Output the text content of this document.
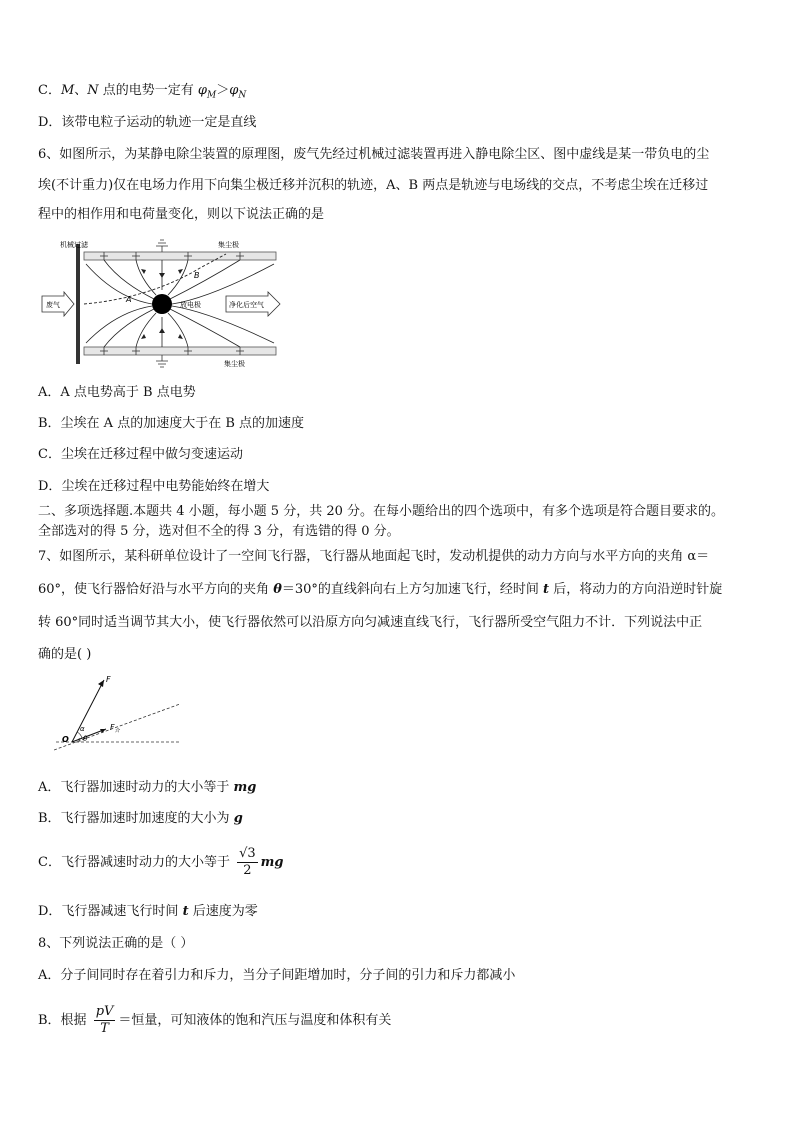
C．M、N 点的电势一定有 $\varphi_M>\varphi_N$
D．该带电粒子运动的轨迹一定是直线
6、如图所示，为某静电除尘装置的原理图，废气先经过机械过滤装置再进入静电除尘区、图中虚线是某一带负电的尘
埃(不计重力)仅在电场力作用下向集尘极迁移并沉积的轨迹，A、B 两点是轨迹与电场线的交点，不考虑尘埃在迁移过
程中的相作用和电荷量变化，则以下说法正确的是
机械过滤	集尘极
集尘极
放电极
A
B
废气	净化后空气
A．A 点电势高于 B 点电势
B．尘埃在 A 点的加速度大于在 B 点的加速度
C．尘埃在迁移过程中做匀变速运动
D．尘埃在迁移过程中电势能始终在增大
二、多项选择题.本题共 4 小题，每小题 5 分，共 20 分。在每小题给出的四个选项中，有多个选项是符合题目要求的。
全部选对的得 5 分，选对但不全的得 3 分，有选错的得 0 分。
7、如图所示，某科研单位设计了一空间飞行器，飞行器从地面起飞时，发动机提供的动力方向与水平方向的夹角 α＝
60°，使飞行器恰好沿与水平方向的夹角 θ＝30°的直线斜向右上方匀加速飞行，经时间 t 后，将动力的方向沿逆时针旋
转 60°同时适当调节其大小，使飞行器依然可以沿原方向匀减速直线飞行，飞行器所受空气阻力不计．下列说法中正
确的是( )
F
$F_合$
O
α
θ
A．飞行器加速时动力的大小等于 mg
B．飞行器加速时加速度的大小为 g
C．飞行器减速时动力的大小等于 $\frac{√3}{2}$ mg
D．飞行器减速飞行时间 t 后速度为零
8、下列说法正确的是（ ）
A．分子间同时存在着引力和斥力，当分子间距增加时，分子间的引力和斥力都减小
B．根据 $\frac{pV}{T}$ ＝恒量，可知液体的饱和汽压与温度和体积有关
